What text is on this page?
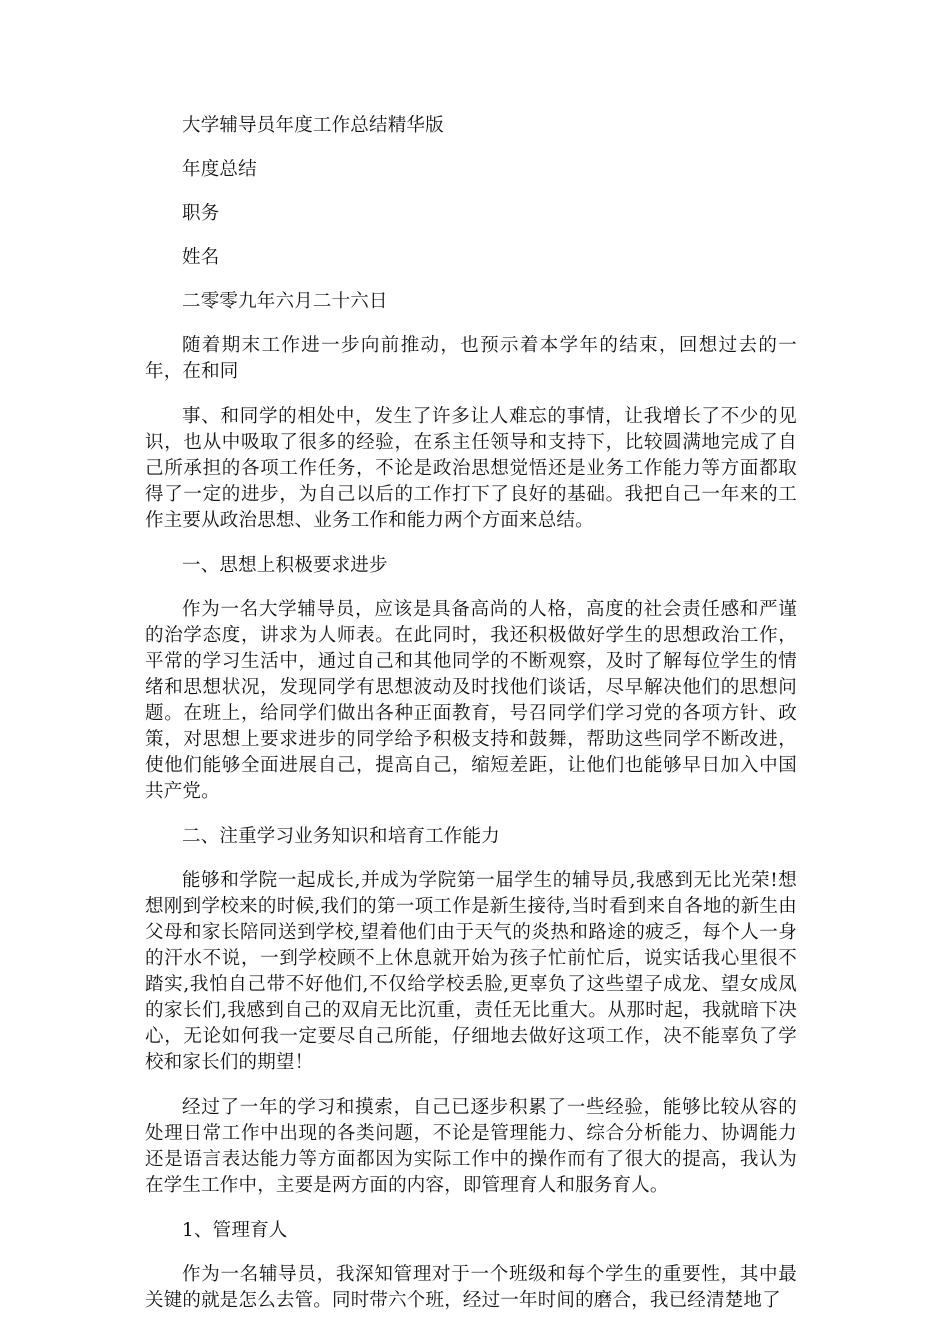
大学辅导员年度工作总结精华版

年度总结

职务

姓名

二零零九年六月二十六日

随着期末工作进一步向前推动，也预示着本学年的结束，回想过去的一

年，在和同

事、和同学的相处中，发生了许多让人难忘的事情，让我增长了不少的见

识，也从中吸取了很多的经验，在系主任领导和支持下，比较圆满地完成了自

己所承担的各项工作任务，不论是政治思想觉悟还是业务工作能力等方面都取

得了一定的进步，为自己以后的工作打下了良好的基础。我把自己一年来的工

作主要从政治思想、业务工作和能力两个方面来总结。

一、思想上积极要求进步

作为一名大学辅导员，应该是具备高尚的人格，高度的社会责任感和严谨

的治学态度，讲求为人师表。在此同时，我还积极做好学生的思想政治工作，

平常的学习生活中，通过自己和其他同学的不断观察，及时了解每位学生的情

绪和思想状况，发现同学有思想波动及时找他们谈话，尽早解决他们的思想问

题。在班上，给同学们做出各种正面教育，号召同学们学习党的各项方针、政

策，对思想上要求进步的同学给予积极支持和鼓舞，帮助这些同学不断改进，

使他们能够全面进展自己，提高自己，缩短差距，让他们也能够早日加入中国

共产党。

二、注重学习业务知识和培育工作能力

能够和学院一起成长,并成为学院第一届学生的辅导员,我感到无比光荣!想

想刚到学校来的时候,我们的第一项工作是新生接待,当时看到来自各地的新生由

父母和家长陪同送到学校,望着他们由于天气的炎热和路途的疲乏，每个人一身

的汗水不说，一到学校顾不上休息就开始为孩子忙前忙后，说实话我心里很不

踏实,我怕自己带不好他们,不仅给学校丢脸,更辜负了这些望子成龙、望女成凤

的家长们,我感到自己的双肩无比沉重，责任无比重大。从那时起，我就暗下决

心，无论如何我一定要尽自己所能，仔细地去做好这项工作，决不能辜负了学

校和家长们的期望！

经过了一年的学习和摸索，自己已逐步积累了一些经验，能够比较从容的

处理日常工作中出现的各类问题，不论是管理能力、综合分析能力、协调能力

还是语言表达能力等方面都因为实际工作中的操作而有了很大的提高，我认为

在学生工作中，主要是两方面的内容，即管理育人和服务育人。

1、管理育人

作为一名辅导员，我深知管理对于一个班级和每个学生的重要性，其中最

关键的就是怎么去管。同时带六个班，经过一年时间的磨合，我已经清楚地了
